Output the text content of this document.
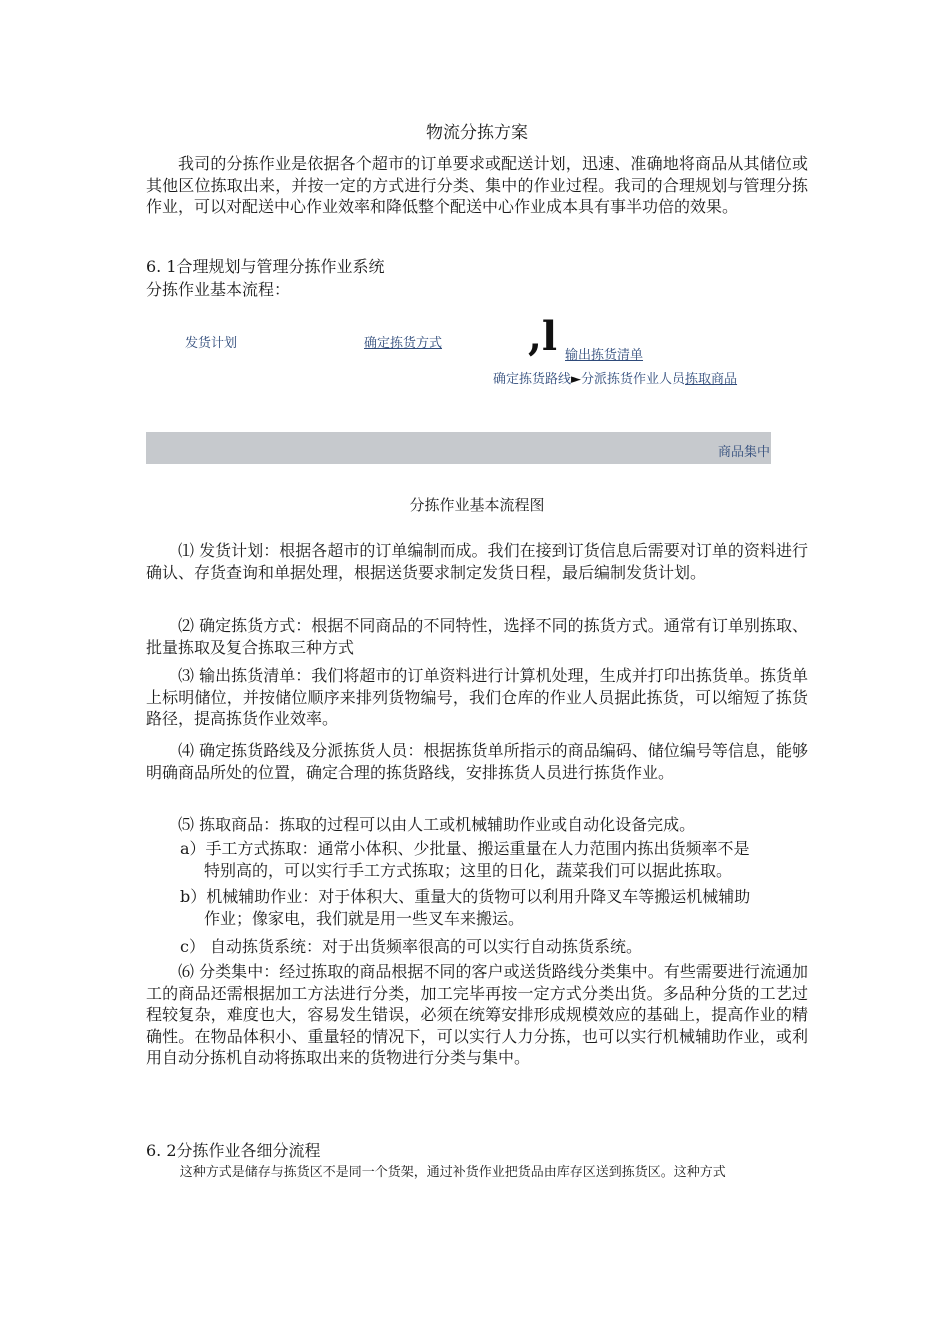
物流分拣方案
我司的分拣作业是依据各个超市的订单要求或配送计划，迅速、准确地将商品从其储位或其他区位拣取出来，并按一定的方式进行分类、集中的作业过程。我司的合理规划与管理分拣作业，可以对配送中心作业效率和降低整个配送中心作业成本具有事半功倍的效果。
6. 1合理规划与管理分拣作业系统
分拣作业基本流程：
发货计划	确定拣货方式 ,l 输出拣货清单
确定拣货路线►分派拣货作业人员拣取商品
商品集中
分拣作业基本流程图
⑴ 发货计划：根据各超市的订单编制而成。我们在接到订货信息后需要对订单的资料进行确认、存货查询和单据处理，根据送货要求制定发货日程，最后编制发货计划。
⑵ 确定拣货方式：根据不同商品的不同特性，选择不同的拣货方式。通常有订单别拣取、批量拣取及复合拣取三种方式
⑶ 输出拣货清单：我们将超市的订单资料进行计算机处理，生成并打印出拣货单。拣货单上标明储位，并按储位顺序来排列货物编号，我们仓库的作业人员据此拣货，可以缩短了拣货路径，提高拣货作业效率。
⑷ 确定拣货路线及分派拣货人员：根据拣货单所指示的商品编码、储位编号等信息，能够明确商品所处的位置，确定合理的拣货路线，安排拣货人员进行拣货作业。
⑸ 拣取商品：拣取的过程可以由人工或机械辅助作业或自动化设备完成。
a）手工方式拣取：通常小体积、少批量、搬运重量在人力范围内拣出货频率不是
特别高的，可以实行手工方式拣取；这里的日化，蔬菜我们可以据此拣取。
b）机械辅助作业：对于体积大、重量大的货物可以利用升降叉车等搬运机械辅助
作业；像家电，我们就是用一些叉车来搬运。
c） 自动拣货系统：对于出货频率很高的可以实行自动拣货系统。
⑹ 分类集中：经过拣取的商品根据不同的客户或送货路线分类集中。有些需要进行流通加工的商品还需根据加工方法进行分类，加工完毕再按一定方式分类出货。多品种分货的工艺过程较复杂，难度也大，容易发生错误，必须在统筹安排形成规模效应的基础上，提高作业的精确性。在物品体积小、重量轻的情况下，可以实行人力分拣，也可以实行机械辅助作业，或利用自动分拣机自动将拣取出来的货物进行分类与集中。
6. 2分拣作业各细分流程
这种方式是储存与拣货区不是同一个货架，通过补货作业把货品由库存区送到拣货区。这种方式
